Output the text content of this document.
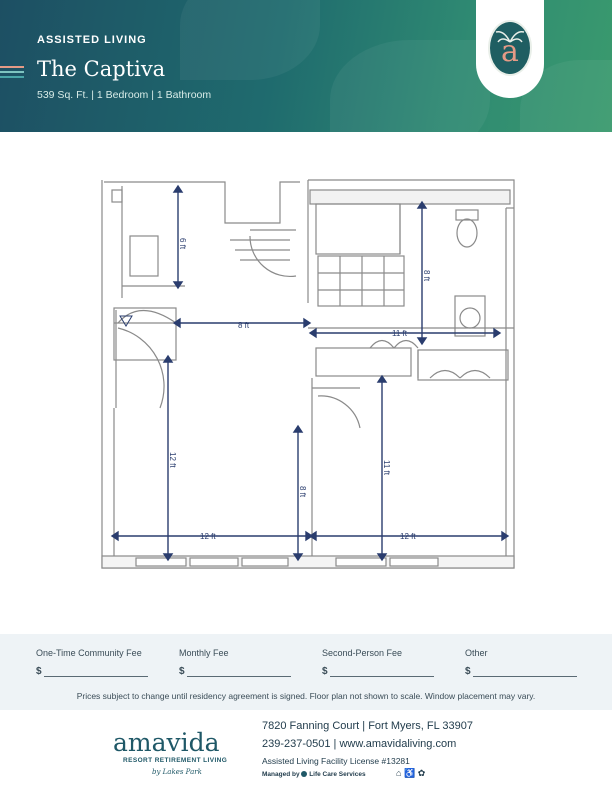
ASSISTED LIVING
The Captiva
539 Sq. Ft. | 1 Bedroom | 1 Bathroom
a
6 ft
8 ft
8 ft
11 ft
12 ft
8 ft
11 ft
12 ft	12 ft
One-Time Community Fee	Monthly Fee	Second-Person Fee	Other
$	$	$	$
Prices subject to change until residency agreement is signed. Floor plan not shown to scale. Window placement may vary.
amavida
RESORT RETIREMENT LIVING
by Lakes Park
7820 Fanning Court | Fort Myers, FL 33907
239-237-0501 | www.amavidaliving.com
Assisted Living Facility License #13281
Managed by Life Care Services	⌂ ♿ ✿
